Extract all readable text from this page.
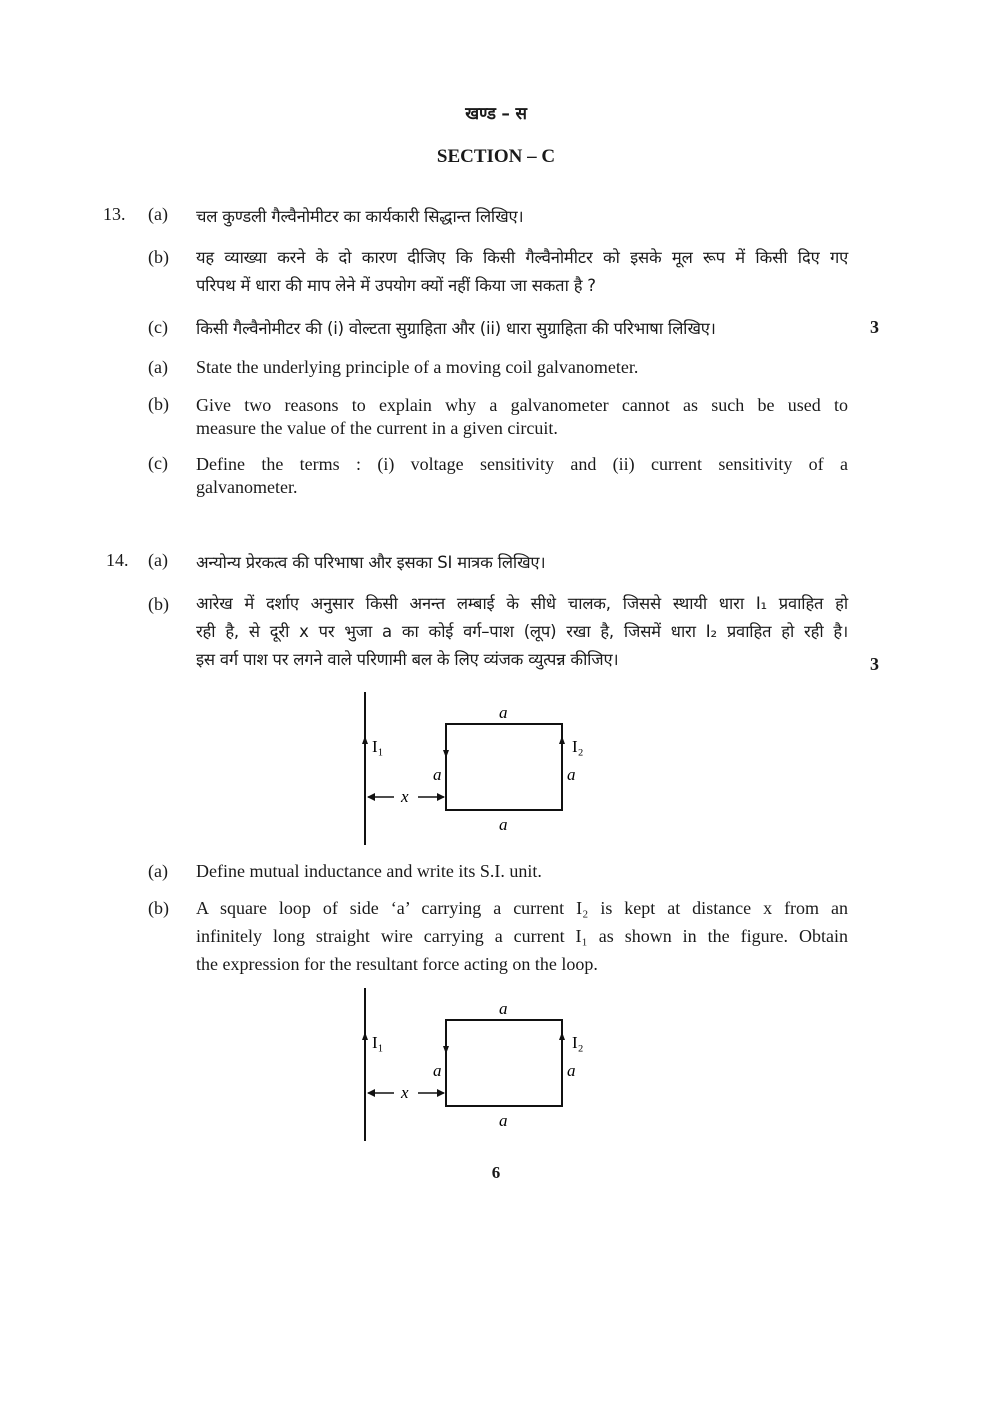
खण्ड – स
SECTION – C
13. (a) चल कुण्डली गैल्वैनोमीटर का कार्यकारी सिद्धान्त लिखिए।
(b) यह व्याख्या करने के दो कारण दीजिए कि किसी गैल्वैनोमीटर को इसके मूल रूप में किसी दिए गए
परिपथ में धारा की माप लेने में उपयोग क्यों नहीं किया जा सकता है ?
(c) किसी गैल्वैनोमीटर की (i) वोल्टता सुग्राहिता और (ii) धारा सुग्राहिता की परिभाषा लिखिए।	3
(a) State the underlying principle of a moving coil galvanometer.
(b) Give two reasons to explain why a galvanometer cannot as such be used to
measure the value of the current in a given circuit.
(c) Define the terms : (i) voltage sensitivity and (ii) current sensitivity of a
galvanometer.
14. (a) अन्योन्य प्रेरकत्व की परिभाषा और इसका SI मात्रक लिखिए।
(b) आरेख में दर्शाए अनुसार किसी अनन्त लम्बाई के सीधे चालक, जिससे स्थायी धारा I₁ प्रवाहित हो
रही है, से दूरी x पर भुजा a का कोई वर्ग–पाश (लूप) रखा है, जिसमें धारा I₂ प्रवाहित हो रही है।
इस वर्ग पाश पर लगने वाले परिणामी बल के लिए व्यंजक व्युत्पन्न कीजिए।	3
a
a	a
a
x
I₁	I₂
(a) Define mutual inductance and write its S.I. unit.
(b) A square loop of side ‘a’ carrying a current I₂ is kept at distance x from an
infinitely long straight wire carrying a current I₁ as shown in the figure. Obtain
the expression for the resultant force acting on the loop.
a
a	a
a
x
I₁	I₂
6
